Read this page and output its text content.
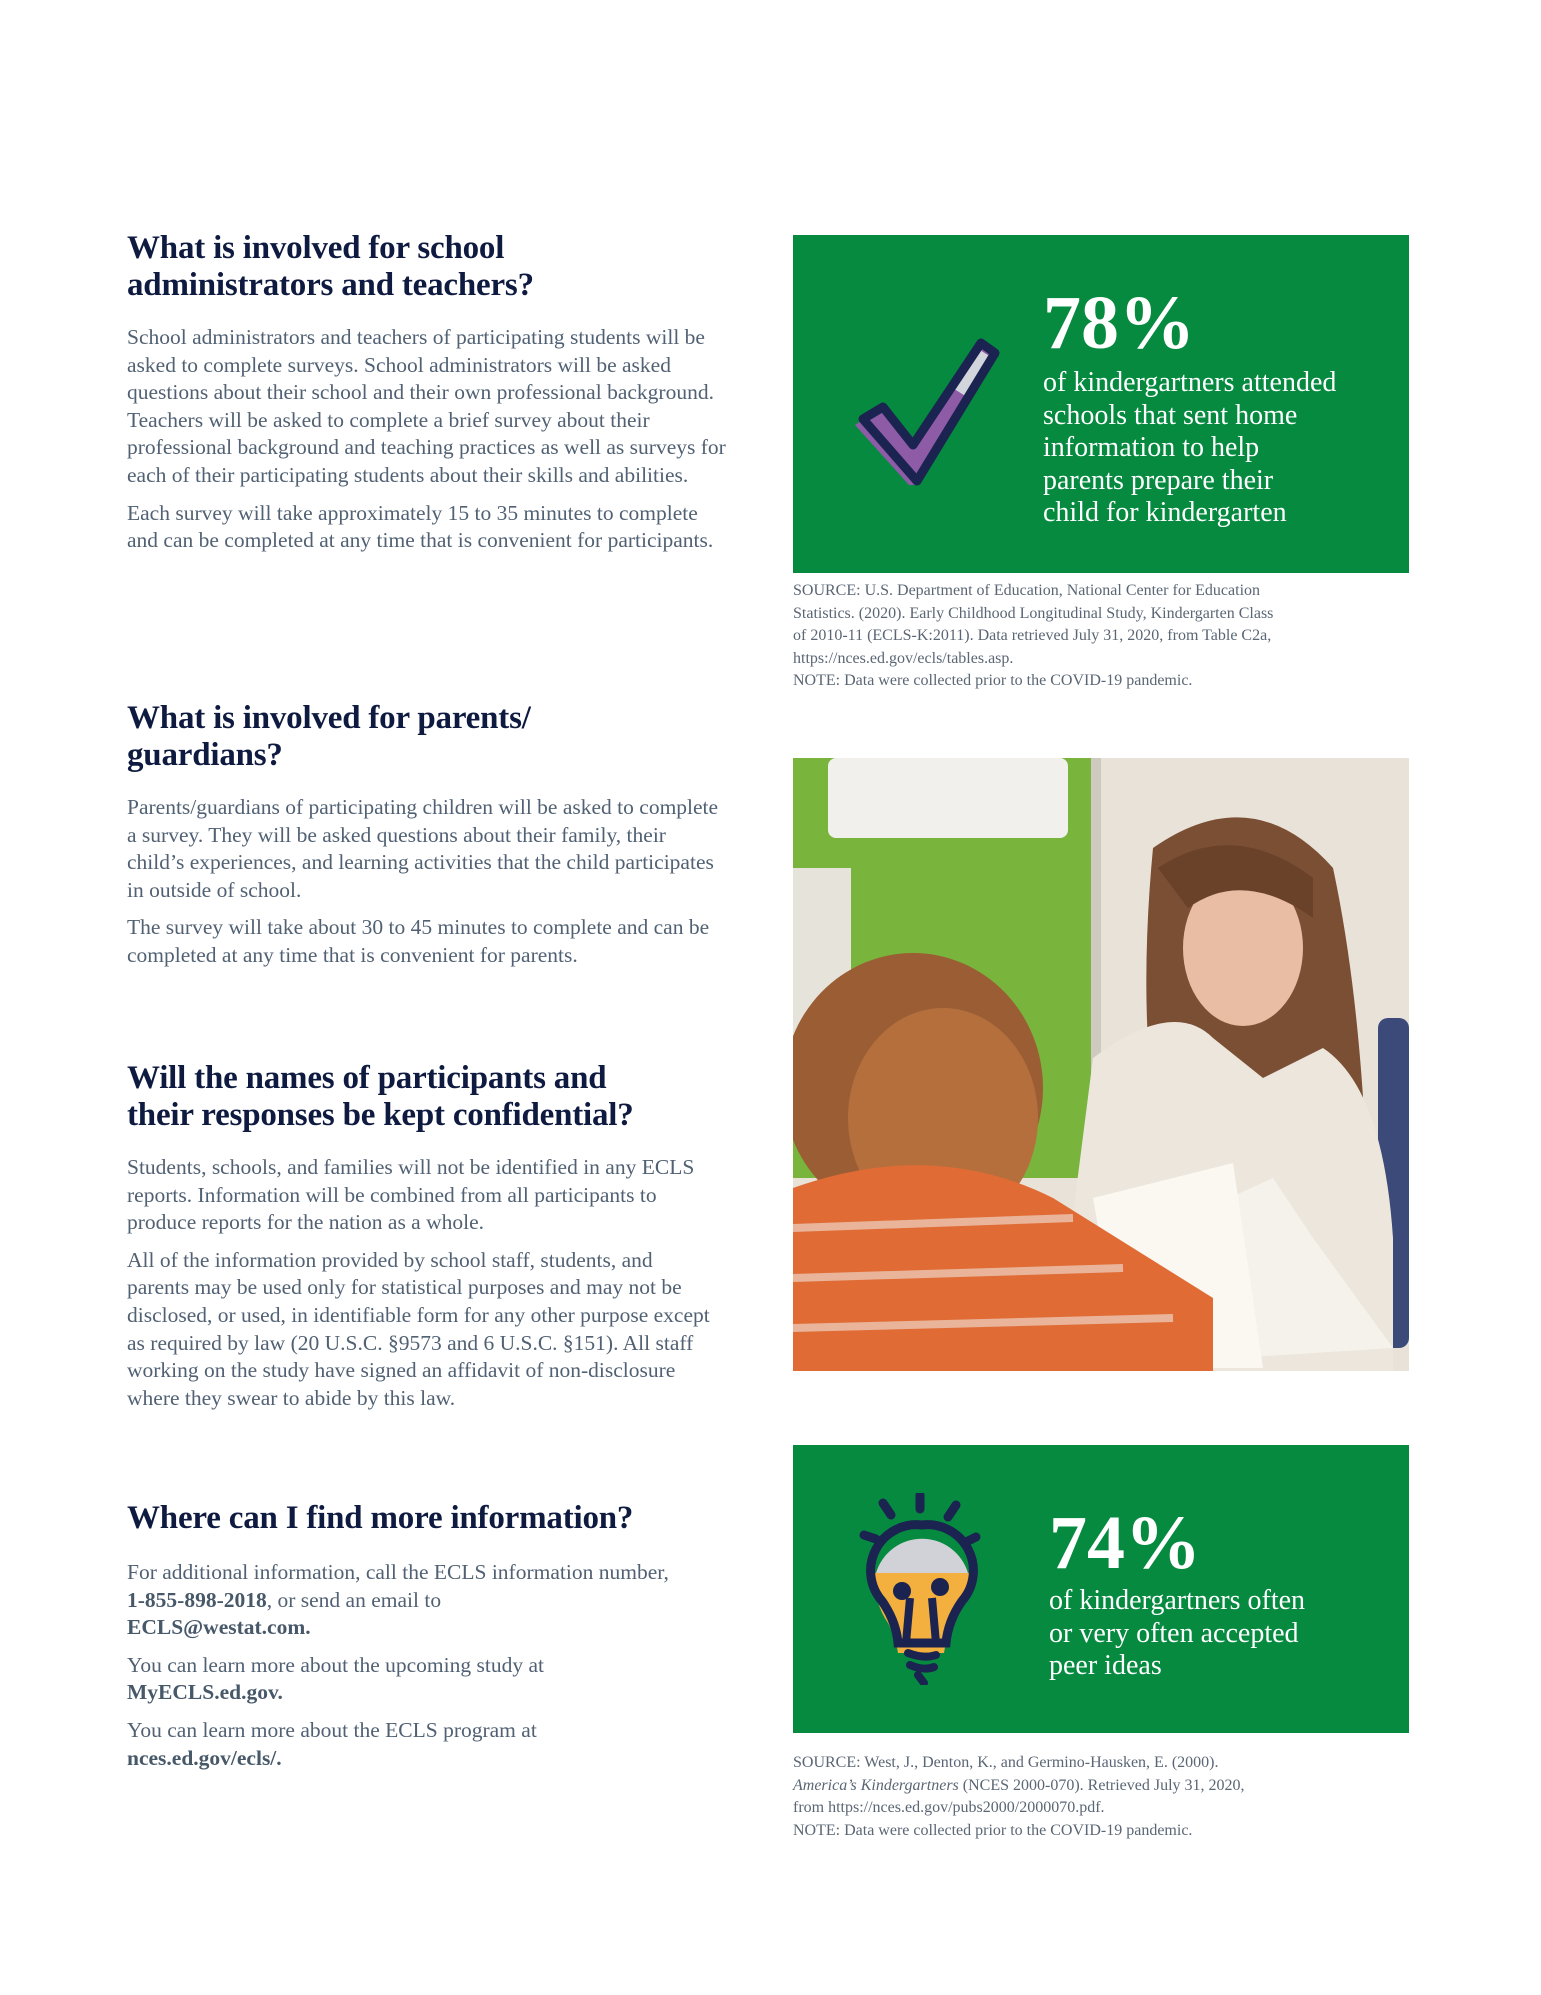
What is involved for school
administrators and teachers?

School administrators and teachers of participating students will be asked to complete surveys. School administrators will be asked questions about their school and their own professional background. Teachers will be asked to complete a brief survey about their professional background and teaching practices as well as surveys for each of their participating students about their skills and abilities.

Each survey will take approximately 15 to 35 minutes to complete and can be completed at any time that is convenient for participants.

What is involved for parents/
guardians?

Parents/guardians of participating children will be asked to complete a survey. They will be asked questions about their family, their child’s experiences, and learning activities that the child participates in outside of school.

The survey will take about 30 to 45 minutes to complete and can be completed at any time that is convenient for parents.

Will the names of participants and
their responses be kept confidential?

Students, schools, and families will not be identified in any ECLS reports. Information will be combined from all participants to produce reports for the nation as a whole.

All of the information provided by school staff, students, and parents may be used only for statistical purposes and may not be disclosed, or used, in identifiable form for any other purpose except as required by law (20 U.S.C. §9573 and 6 U.S.C. §151). All staff working on the study have signed an affidavit of non-disclosure where they swear to abide by this law.

Where can I find more information?

For additional information, call the ECLS information number, 1-855-898-2018, or send an email to
ECLS@westat.com.

You can learn more about the upcoming study at MyECLS.ed.gov.

You can learn more about the ECLS program at nces.ed.gov/ecls/.

78%
of kindergartners attended
schools that sent home
information to help
parents prepare their
child for kindergarten
SOURCE: U.S. Department of Education, National Center for Education
Statistics. (2020). Early Childhood Longitudinal Study, Kindergarten Class
of 2010-11 (ECLS-K:2011). Data retrieved July 31, 2020, from Table C2a,
https://nces.ed.gov/ecls/tables.asp.
NOTE: Data were collected prior to the COVID-19 pandemic.
74%
of kindergartners often
or very often accepted
peer ideas
SOURCE: West, J., Denton, K., and Germino-Hausken, E. (2000).
America’s Kindergartners (NCES 2000-070). Retrieved July 31, 2020,
from https://nces.ed.gov/pubs2000/2000070.pdf.
NOTE: Data were collected prior to the COVID-19 pandemic.
